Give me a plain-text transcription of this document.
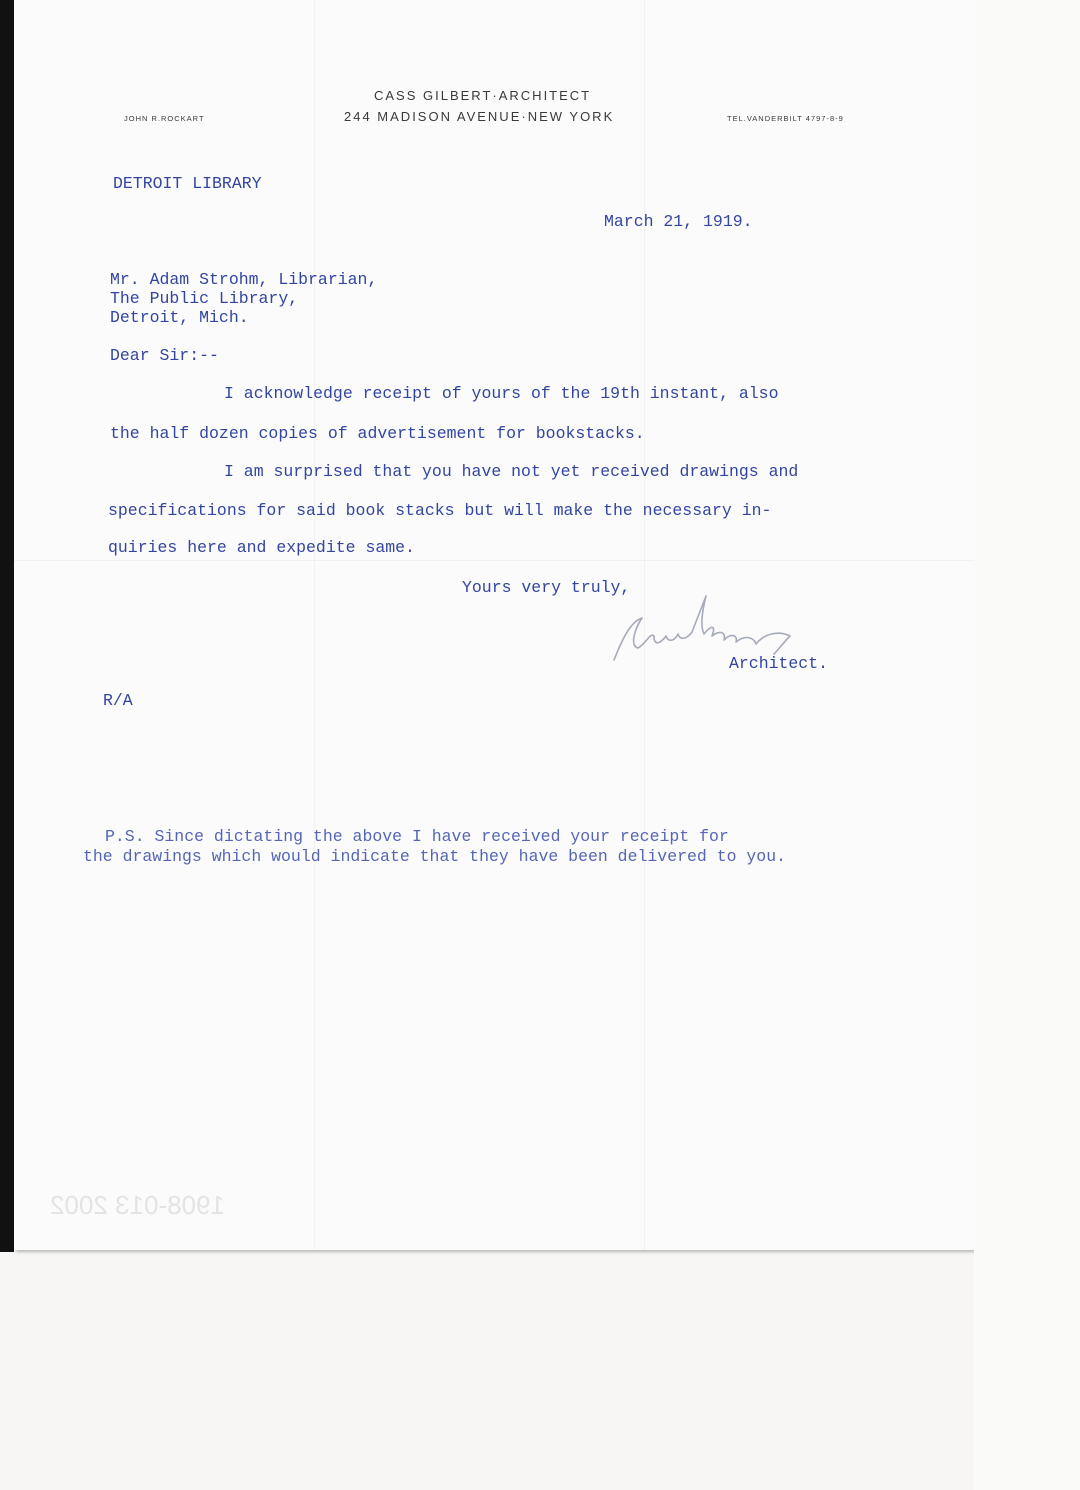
CASS GILBERT·ARCHITECT
244 MADISON AVENUE·NEW YORK
JOHN R.ROCKART	TEL.VANDERBILT 4797-8-9
DETROIT LIBRARY
March 21, 1919.
Mr. Adam Strohm, Librarian,
The Public Library,
Detroit, Mich.
Dear Sir:--
I acknowledge receipt of yours of the 19th instant, also
the half dozen copies of advertisement for bookstacks.
I am surprised that you have not yet received drawings and
specifications for said book stacks but will make the necessary in-
quiries here and expedite same.
Yours very truly,
Architect.
R/A
P.S. Since dictating the above I have received your receipt for
the drawings which would indicate that they have been delivered to you.
1908-013 2002
